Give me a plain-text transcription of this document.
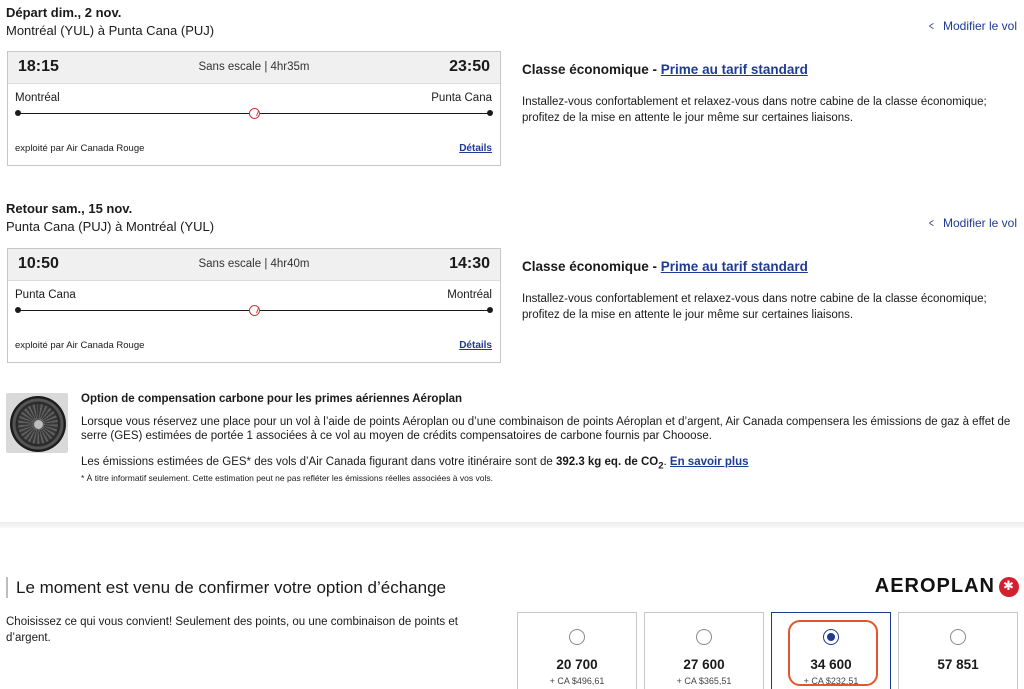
Départ dim., 2 nov.
Montréal (YUL) à Punta Cana (PUJ)	< Modifier le vol
18:15	Sans escale | 4hr35m	23:50
Montréal	Punta Cana
exploité par Air Canada Rouge	Détails
Classe économique - Prime au tarif standard
Installez-vous confortablement et relaxez-vous dans notre cabine de la classe économique; profitez de la mise en attente le jour même sur certaines liaisons.
Retour sam., 15 nov.
Punta Cana (PUJ) à Montréal (YUL)	< Modifier le vol
10:50	Sans escale | 4hr40m	14:30
Punta Cana	Montréal
exploité par Air Canada Rouge	Détails
Classe économique - Prime au tarif standard
Installez-vous confortablement et relaxez-vous dans notre cabine de la classe économique; profitez de la mise en attente le jour même sur certaines liaisons.
Option de compensation carbone pour les primes aériennes Aéroplan
Lorsque vous réservez une place pour un vol à l’aide de points Aéroplan ou d’une combinaison de points Aéroplan et d’argent, Air Canada compensera les émissions de gaz à effet de serre (GES) estimées de portée 1 associées à ce vol au moyen de crédits compensatoires de carbone fournis par Chooose.
Les émissions estimées de GES* des vols d’Air Canada figurant dans votre itinéraire sont de 392.3 kg eq. de $CO_2$. En savoir plus
* À titre informatif seulement. Cette estimation peut ne pas refléter les émissions réelles associées à vos vols.
Le moment est venu de confirmer votre option d’échange	AEROPLAN
✱
Choisissez ce qui vous convient! Seulement des points, ou une combinaison de points et d’argent.
20 700
+ CA $496,61
27 600
+ CA $365,51
34 600
+ CA $232,51
57 851
